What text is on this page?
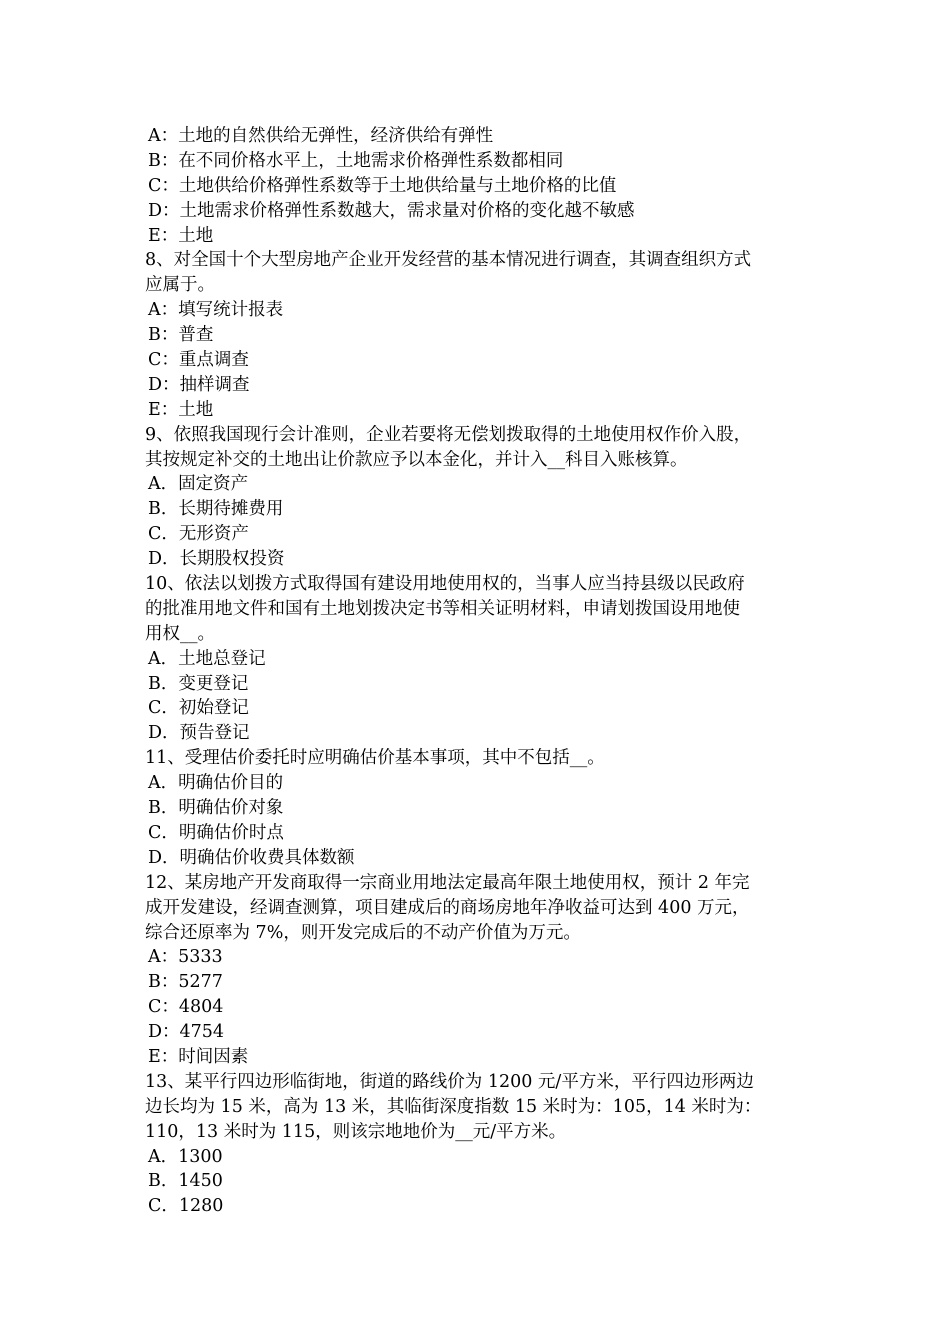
A：土地的自然供给无弹性，经济供给有弹性

B：在不同价格水平上，土地需求价格弹性系数都相同

C：土地供给价格弹性系数等于土地供给量与土地价格的比值

D：土地需求价格弹性系数越大，需求量对价格的变化越不敏感

E：土地

8、对全国十个大型房地产企业开发经营的基本情况进行调查，其调查组织方式

应属于。

A：填写统计报表

B：普查

C：重点调查

D：抽样调查

E：土地

9、依照我国现行会计准则，企业若要将无偿划拨取得的土地使用权作价入股，

其按规定补交的土地出让价款应予以本金化，并计入__科目入账核算。

A．固定资产

B．长期待摊费用

C．无形资产

D．长期股权投资

10、依法以划拨方式取得国有建设用地使用权的，当事人应当持县级以民政府

的批准用地文件和国有土地划拨决定书等相关证明材料，申请划拨国设用地使

用权__。

A．土地总登记

B．变更登记

C．初始登记

D．预告登记

11、受理估价委托时应明确估价基本事项，其中不包括__。

A．明确估价目的

B．明确估价对象

C．明确估价时点

D．明确估价收费具体数额

12、某房地产开发商取得一宗商业用地法定最高年限土地使用权，预计 2 年完

成开发建设，经调查测算，项目建成后的商场房地年净收益可达到 400 万元，

综合还原率为 7%，则开发完成后的不动产价值为万元。

A：5333

B：5277

C：4804

D：4754

E：时间因素

13、某平行四边形临街地，街道的路线价为 1200 元/平方米，平行四边形两边

边长均为 15 米，高为 13 米，其临街深度指数 15 米时为：105，14 米时为：

110，13 米时为 115，则该宗地地价为__元/平方米。

A．1300

B．1450

C．1280
